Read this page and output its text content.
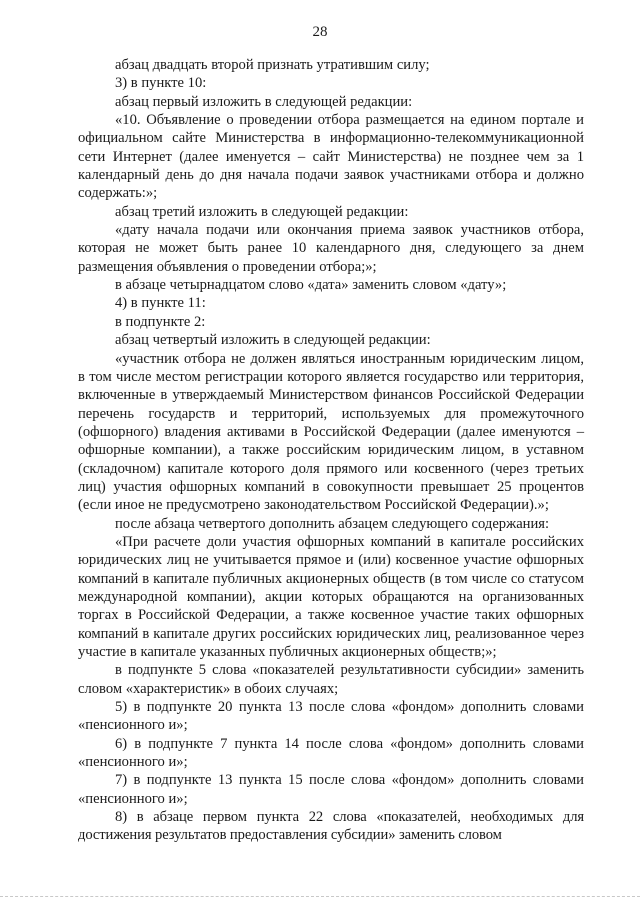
28

абзац двадцать второй признать утратившим силу;

3) в пункте 10:

абзац первый изложить в следующей редакции:

«10. Объявление о проведении отбора размещается на едином портале и официальном сайте Министерства в информационно-телекоммуникационной сети Интернет (далее именуется – сайт Министерства) не позднее чем за 1 календарный день до дня начала подачи заявок участниками отбора и должно содержать:»;

абзац третий изложить в следующей редакции:

«дату начала подачи или окончания приема заявок участников отбора, которая не может быть ранее 10 календарного дня, следующего за днем размещения объявления о проведении отбора;»;

в абзаце четырнадцатом слово «дата» заменить словом «дату»;

4) в пункте 11:

в подпункте 2:

абзац четвертый изложить в следующей редакции:

«участник отбора не должен являться иностранным юридическим лицом, в том числе местом регистрации которого является государство или территория, включенные в утверждаемый Министерством финансов Российской Федерации перечень государств и территорий, используемых для промежуточного (офшорного) владения активами в Российской Федерации (далее именуются – офшорные компании), а также российским юридическим лицом, в уставном (складочном) капитале которого доля прямого или косвенного (через третьих лиц) участия офшорных компаний в совокупности превышает 25 процентов (если иное не предусмотрено законодательством Российской Федерации).»;

после абзаца четвертого дополнить абзацем следующего содержания:

«При расчете доли участия офшорных компаний в капитале российских юридических лиц не учитывается прямое и (или) косвенное участие офшорных компаний в капитале публичных акционерных обществ (в том числе со статусом международной компании), акции которых обращаются на организованных торгах в Российской Федерации, а также косвенное участие таких офшорных компаний в капитале других российских юридических лиц, реализованное через участие в капитале указанных публичных акционерных обществ;»;

в подпункте 5 слова «показателей результативности субсидии» заменить словом «характеристик» в обоих случаях;

5) в подпункте 20 пункта 13 после слова «фондом» дополнить словами «пенсионного и»;

6) в подпункте 7 пункта 14 после слова «фондом» дополнить словами «пенсионного и»;

7) в подпункте 13 пункта 15 после слова «фондом» дополнить словами «пенсионного и»;

8) в абзаце первом пункта 22 слова «показателей, необходимых для достижения результатов предоставления субсидии» заменить словом
